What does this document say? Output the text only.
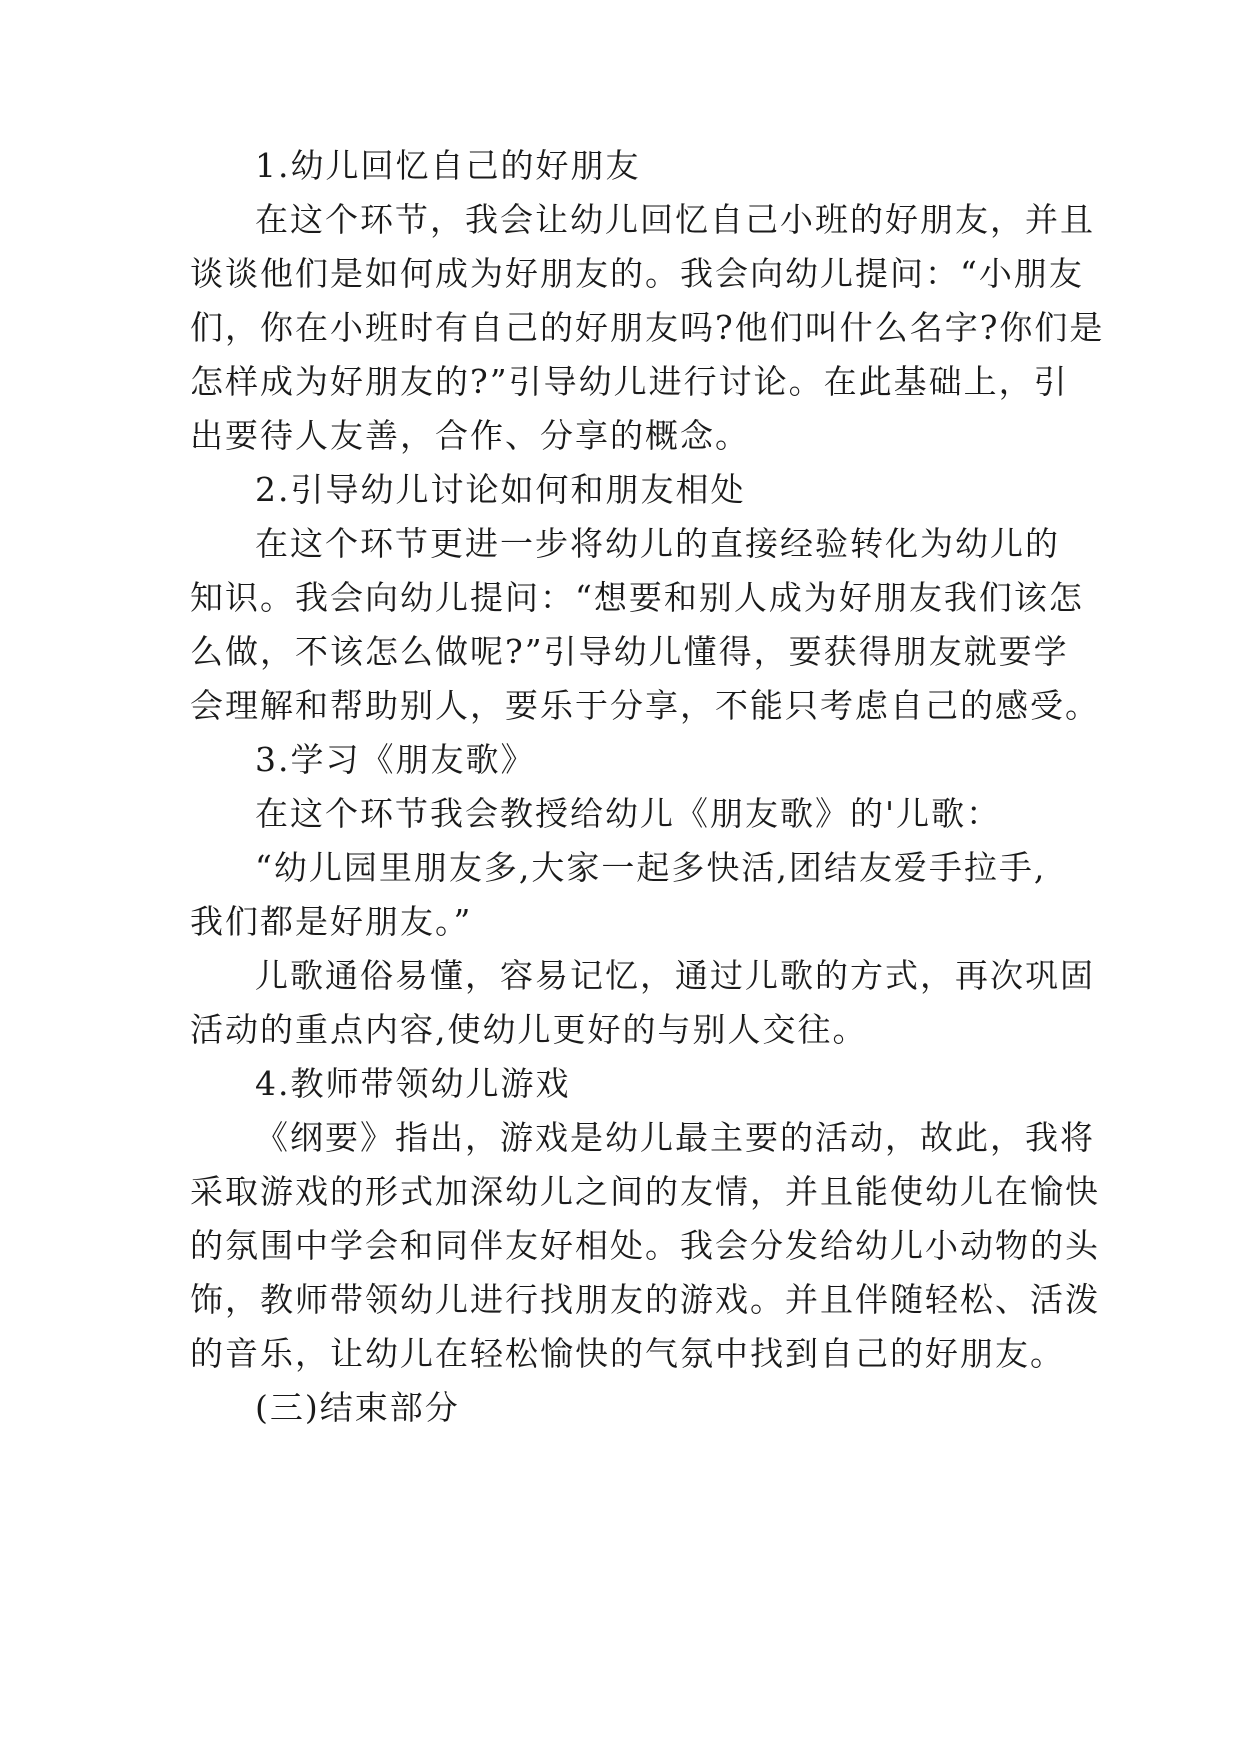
1.幼儿回忆自己的好朋友
在这个环节，我会让幼儿回忆自己小班的好朋友，并且
谈谈他们是如何成为好朋友的。我会向幼儿提问：“小朋友
们，你在小班时有自己的好朋友吗?他们叫什么名字?你们是
怎样成为好朋友的?”引导幼儿进行讨论。在此基础上，引
出要待人友善，合作、分享的概念。
2.引导幼儿讨论如何和朋友相处
在这个环节更进一步将幼儿的直接经验转化为幼儿的
知识。我会向幼儿提问：“想要和别人成为好朋友我们该怎
么做，不该怎么做呢?”引导幼儿懂得，要获得朋友就要学
会理解和帮助别人，要乐于分享，不能只考虑自己的感受。
3.学习《朋友歌》
在这个环节我会教授给幼儿《朋友歌》的'儿歌：
“幼儿园里朋友多,大家一起多快活,团结友爱手拉手,
我们都是好朋友。”
儿歌通俗易懂，容易记忆，通过儿歌的方式，再次巩固
活动的重点内容,使幼儿更好的与别人交往。
4.教师带领幼儿游戏
《纲要》指出，游戏是幼儿最主要的活动，故此，我将
采取游戏的形式加深幼儿之间的友情，并且能使幼儿在愉快
的氛围中学会和同伴友好相处。我会分发给幼儿小动物的头
饰，教师带领幼儿进行找朋友的游戏。并且伴随轻松、活泼
的音乐，让幼儿在轻松愉快的气氛中找到自己的好朋友。
(三)结束部分
